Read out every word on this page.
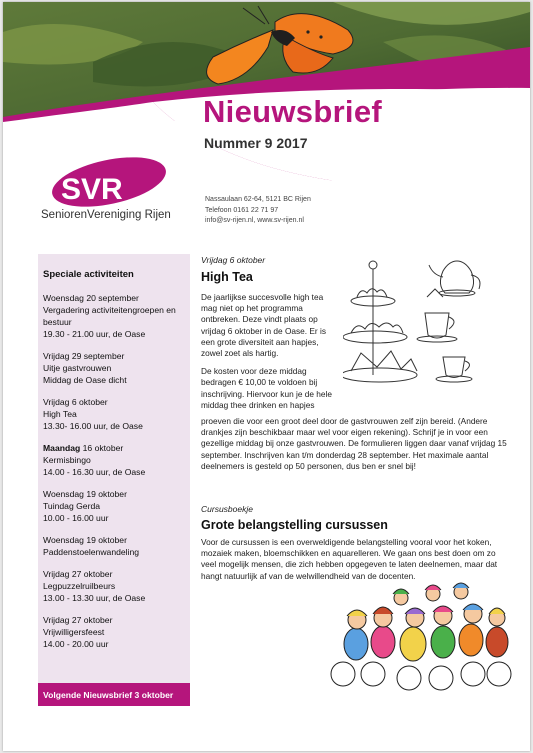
Nieuwsbrief
Nummer 9 2017
SVR
SeniorenVereniging Rijen
Nassaulaan 62-64, 5121 BC Rijen
Telefoon 0161 22 71 97
info@sv-rijen.nl, www.sv-rijen.nl
Speciale activiteiten
Woensdag 20 september
Vergadering activiteitengroepen en bestuur
19.30 - 21.00 uur, de Oase
Vrijdag 29 september
Uitje gastvrouwen
Middag de Oase dicht
Vrijdag 6 oktober
High Tea
13.30- 16.00 uur, de Oase
Maandag 16 oktober
Kermisbingo
14.00 - 16.30 uur, de Oase
Woensdag 19 oktober
Tuindag Gerda
10.00 - 16.00 uur
Woensdag 19 oktober
Paddenstoelenwandeling
Vrijdag 27 oktober
Legpuzzelruilbeurs
13.00 - 13.30 uur, de Oase
Vrijdag 27 oktober
Vrijwilligersfeest
14.00 - 20.00 uur
Volgende Nieuwsbrief 3 oktober
Vrijdag 6 oktober
High Tea
De jaarlijkse succesvolle high tea
mag niet op het programma
ontbreken. Deze vindt plaats op
vrijdag 6 oktober in de Oase. Er is
een grote diversiteit aan hapjes,
zowel zoet als hartig.
De kosten voor deze middag
bedragen € 10,00 te voldoen bij
inschrijving. Hiervoor kun je de hele
middag thee drinken en hapjes
proeven die voor een groot deel door de gastvrouwen zelf zijn bereid. (Andere drankjes zijn beschikbaar maar wel voor eigen rekening). Schrijf je in voor een gezellige middag bij onze gastvrouwen. De formulieren liggen daar vanaf vrijdag 15 september. Inschrijven kan t/m donderdag 28 september. Het maximale aantal deelnemers is gesteld op 50 personen, dus ben er snel bij!
Cursusboekje
Grote belangstelling cursussen
Voor de cursussen is een overweldigende belangstelling vooral voor het koken, mozaiek maken, bloemschikken en aquarelleren. We gaan ons best doen om zo veel mogelijk mensen, die zich hebben opgegeven te laten deelnemen, maar dat hangt natuurlijk af van de welwillendheid van de docenten.
